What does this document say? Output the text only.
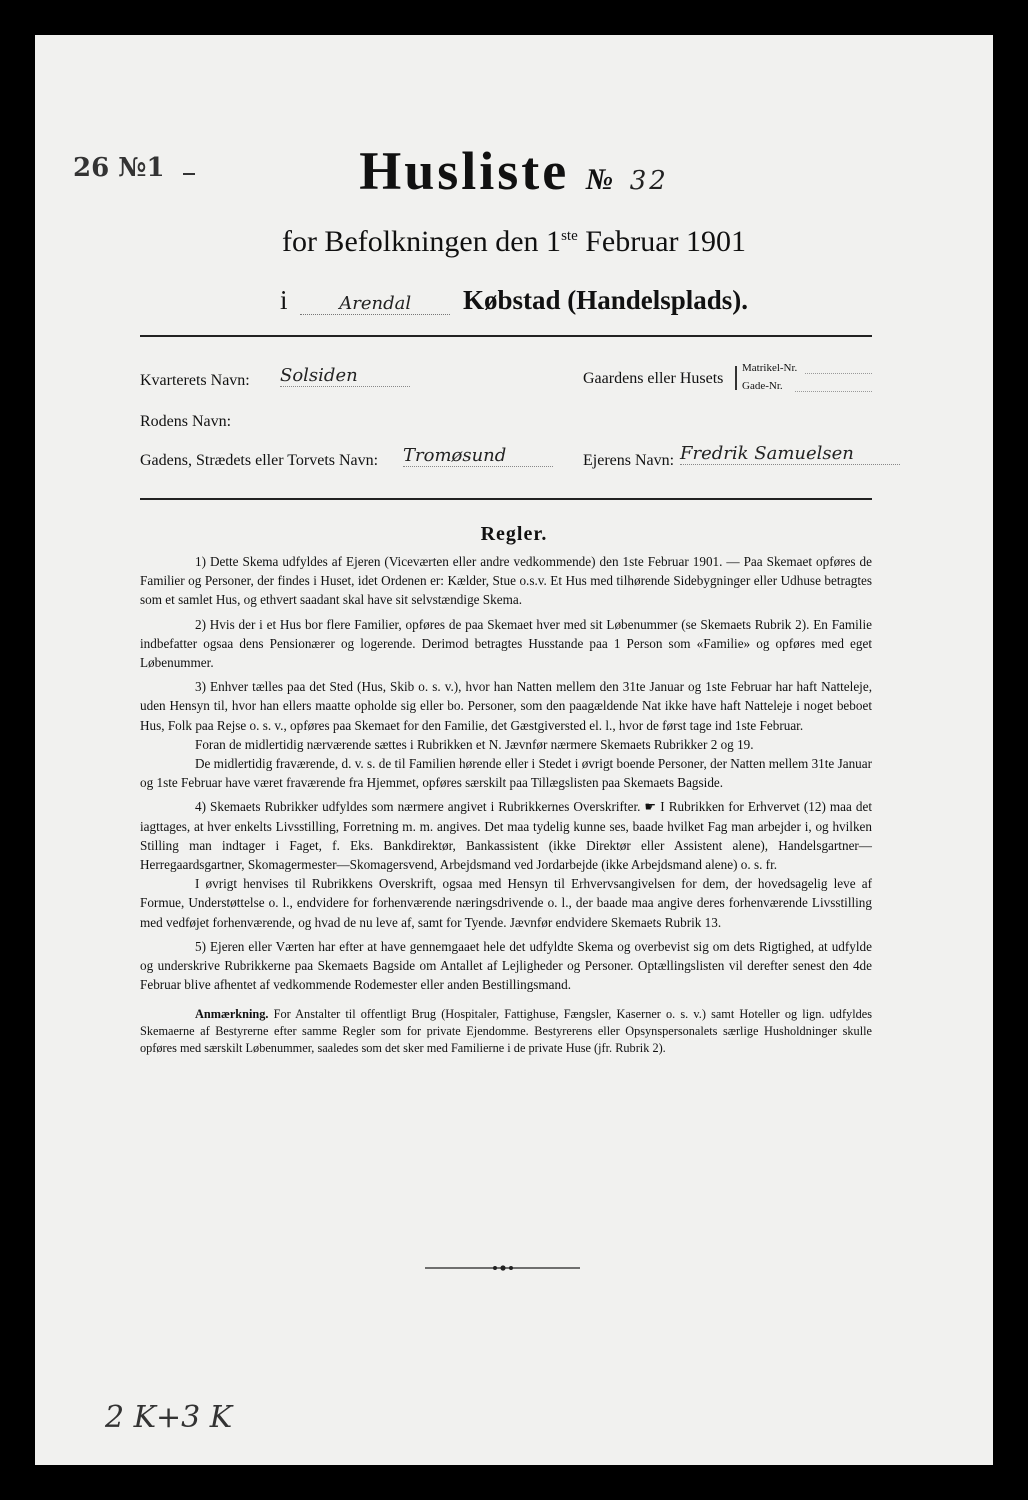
26 №1	Husliste № 32
for Befolkningen den 1ste Februar 1901
i	Arendal Købstad (Handelsplads).
Kvarterets Navn: Solsiden	Gaardens eller Husets
Matrikel-Nr.
Gade-Nr.
Rodens Navn:
Gadens, Strædets eller Torvets Navn: Tromøsund	Ejerens Navn: Fredrik Samuelsen
Regler.

1) Dette Skema udfyldes af Ejeren (Viceværten eller andre vedkommende) den 1ste Februar 1901. — Paa Skemaet opføres de Familier og Personer, der findes i Huset, idet Ordenen er: Kælder, Stue o.s.v. Et Hus med tilhørende Sidebygninger eller Udhuse betragtes som et samlet Hus, og ethvert saadant skal have sit selvstændige Skema.

2) Hvis der i et Hus bor flere Familier, opføres de paa Skemaet hver med sit Løbenummer (se Skemaets Rubrik 2). En Familie indbefatter ogsaa dens Pensionærer og logerende. Derimod betragtes Husstande paa 1 Person som «Familie» og opføres med eget Løbenummer.

3) Enhver tælles paa det Sted (Hus, Skib o. s. v.), hvor han Natten mellem den 31te Januar og 1ste Februar har haft Natteleje, uden Hensyn til, hvor han ellers maatte opholde sig eller bo. Personer, som den paagældende Nat ikke have haft Natteleje i noget beboet Hus, Folk paa Rejse o. s. v., opføres paa Skemaet for den Familie, det Gæstgiversted el. l., hvor de først tage ind 1ste Februar.

Foran de midlertidig nærværende sættes i Rubrikken et N. Jævnfør nærmere Skemaets Rubrikker 2 og 19.

De midlertidig fraværende, d. v. s. de til Familien hørende eller i Stedet i øvrigt boende Personer, der Natten mellem 31te Januar og 1ste Februar have været fraværende fra Hjemmet, opføres særskilt paa Tillægslisten paa Skemaets Bagside.

4) Skemaets Rubrikker udfyldes som nærmere angivet i Rubrikkernes Overskrifter. ☛ I Rubrikken for Erhvervet (12) maa det iagttages, at hver enkelts Livsstilling, Forretning m. m. angives. Det maa tydelig kunne ses, baade hvilket Fag man arbejder i, og hvilken Stilling man indtager i Faget, f. Eks. Bankdirektør, Bankassistent (ikke Direktør eller Assistent alene), Handelsgartner—Herregaardsgartner, Skomagermester—Skomagersvend, Arbejdsmand ved Jordarbejde (ikke Arbejdsmand alene) o. s. fr.

I øvrigt henvises til Rubrikkens Overskrift, ogsaa med Hensyn til Erhvervsangivelsen for dem, der hovedsagelig leve af Formue, Understøttelse o. l., endvidere for forhenværende næringsdrivende o. l., der baade maa angive deres forhenværende Livsstilling med vedføjet forhenværende, og hvad de nu leve af, samt for Tyende. Jævnfør endvidere Skemaets Rubrik 13.

5) Ejeren eller Værten har efter at have gennemgaaet hele det udfyldte Skema og overbevist sig om dets Rigtighed, at udfylde og underskrive Rubrikkerne paa Skemaets Bagside om Antallet af Lejligheder og Personer. Optællingslisten vil derefter senest den 4de Februar blive afhentet af vedkommende Rodemester eller anden Bestillingsmand.

Anmærkning. For Anstalter til offentligt Brug (Hospitaler, Fattighuse, Fængsler, Kaserner o. s. v.) samt Hoteller og lign. udfyldes Skemaerne af Bestyrerne efter samme Regler som for private Ejendomme. Bestyrerens eller Opsynspersonalets særlige Husholdninger skulle opføres med særskilt Løbenummer, saaledes som det sker med Familierne i de private Huse (jfr. Rubrik 2).

2 K+3 K
